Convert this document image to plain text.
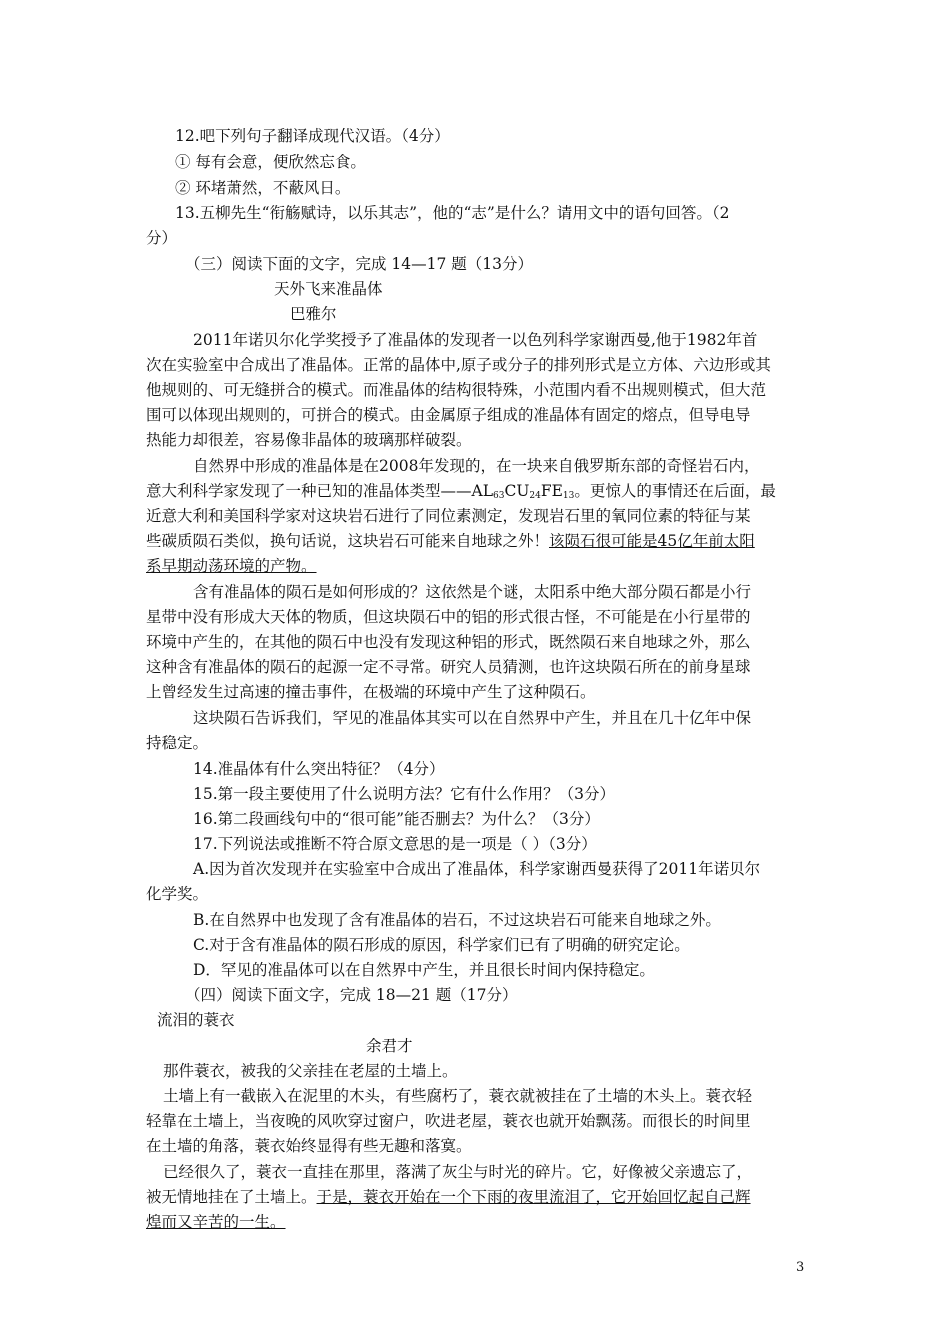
12.吧下列句子翻译成现代汉语。（4分）
① 每有会意，便欣然忘食。
② 环堵萧然，不蔽风日。
13.五柳先生“衔觞赋诗，以乐其志”，他的“志”是什么？请用文中的语句回答。（2
分）
（三）阅读下面的文字，完成 14—17 题（13分）
天外飞来准晶体
巴雅尔
2011年诺贝尔化学奖授予了准晶体的发现者一以色列科学家谢西曼,他于1982年首
次在实验室中合成出了准晶体。正常的晶体中,原子或分子的排列形式是立方体、六边形或其
他规则的、可无缝拼合的模式。而准晶体的结构很特殊，小范围内看不出规则模式，但大范
围可以体现出规则的，可拼合的模式。由金属原子组成的准晶体有固定的熔点，但导电导
热能力却很差，容易像非晶体的玻璃那样破裂。
自然界中形成的准晶体是在2008年发现的，在一块来自俄罗斯东部的奇怪岩石内，
意大利科学家发现了一种已知的准晶体类型$——AL_{63}CU_{24}FE_{13}$。更惊人的事情还在后面，最
近意大利和美国科学家对这块岩石进行了同位素测定，发现岩石里的氧同位素的特征与某
些碳质陨石类似，换句话说，这块岩石可能来自地球之外！该陨石很可能是45亿年前太阳
系早期动荡环境的产物。
含有准晶体的陨石是如何形成的？这依然是个谜，太阳系中绝大部分陨石都是小行
星带中没有形成大天体的物质，但这块陨石中的铝的形式很古怪，不可能是在小行星带的
环境中产生的，在其他的陨石中也没有发现这种铝的形式，既然陨石来自地球之外，那么
这种含有准晶体的陨石的起源一定不寻常。研究人员猜测，也许这块陨石所在的前身星球
上曾经发生过高速的撞击事件，在极端的环境中产生了这种陨石。
这块陨石告诉我们，罕见的准晶体其实可以在自然界中产生，并且在几十亿年中保
持稳定。
14.准晶体有什么突出特征？（4分）
15.第一段主要使用了什么说明方法？它有什么作用？（3分）
16.第二段画线句中的“很可能”能否删去？为什么？（3分）
17.下列说法或推断不符合原文意思的是一项是（ ）（3分）
A.因为首次发现并在实验室中合成出了准晶体，科学家谢西曼获得了2011年诺贝尔
化学奖。
B.在自然界中也发现了含有准晶体的岩石，不过这块岩石可能来自地球之外。
C.对于含有准晶体的陨石形成的原因，科学家们已有了明确的研究定论。
D．罕见的准晶体可以在自然界中产生，并且很长时间内保持稳定。
（四）阅读下面文字，完成 18—21 题（17分）
流泪的蓑衣
余君才
那件蓑衣，被我的父亲挂在老屋的土墙上。
土墙上有一截嵌入在泥里的木头，有些腐朽了，蓑衣就被挂在了土墙的木头上。蓑衣轻
轻靠在土墙上，当夜晚的风吹穿过窗户，吹进老屋，蓑衣也就开始飘荡。而很长的时间里
在土墙的角落，蓑衣始终显得有些无趣和落寞。
已经很久了，蓑衣一直挂在那里，落满了灰尘与时光的碎片。它，好像被父亲遗忘了，
被无情地挂在了土墙上。于是，蓑衣开始在一个下雨的夜里流泪了，它开始回忆起自己辉
煌而又辛苦的一生。
3
